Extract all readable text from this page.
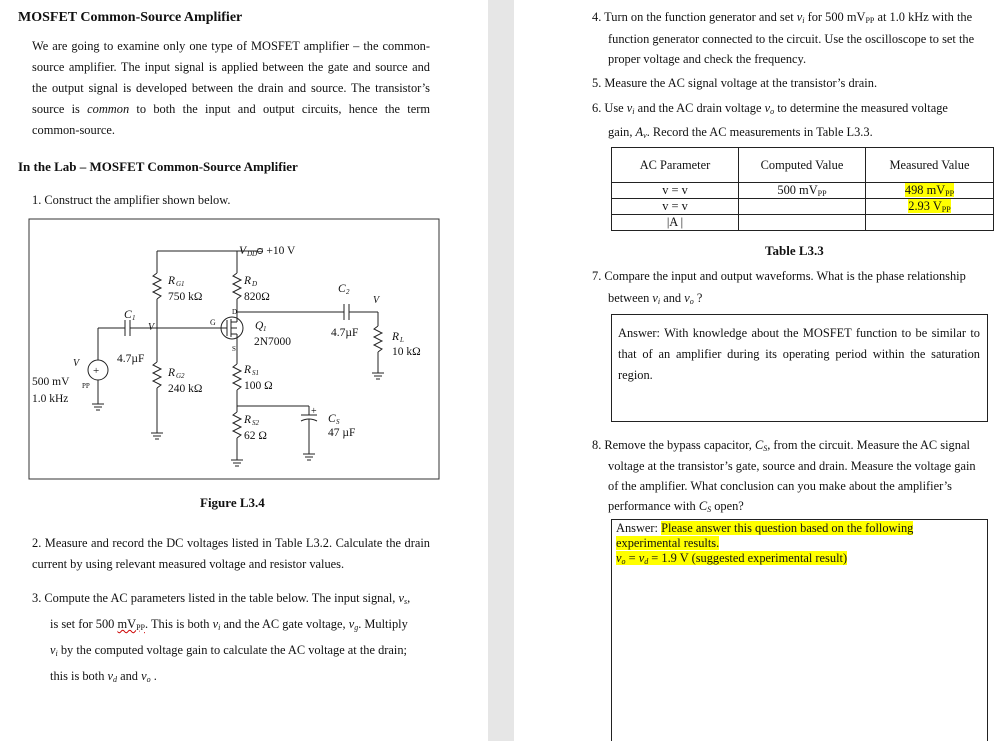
MOSFET Common-Source Amplifier
We are going to examine only one type of MOSFET amplifier – the common-source amplifier. The input signal is applied between the gate and source and the output signal is developed between the drain and source. The transistor’s source is common to both the input and output circuits, hence the term common-source.
In the Lab – MOSFET Common-Source Amplifier
1. Construct the amplifier shown below.
V DD = +10 V
R G1
750 kΩ
R D
820Ω
C 1
V
4.7µF
G
D
S
Q 1
2N7000
C 2
V
4.7µF	R L
10 kΩ
V
+
500 mV PP
1.0 kHz
R G2
240 kΩ
R S1
100 Ω
R S2
62 Ω
+
C S
47 µF
Figure L3.4
2. Measure and record the DC voltages listed in Table L3.2. Calculate the drain current by using relevant measured voltage and resistor values.
3. Compute the AC parameters listed in the table below. The input signal, $v_s$,
is set for 500 $mV_{PP}$. This is both $v_i$ and the AC gate voltage, $v_g$. Multiply
$v_i$ by the computed voltage gain to calculate the AC voltage at the drain;
this is both $v_d$ and $v_o$ .
4. Turn on the function generator and set $v_i$ for 500 $mV_{PP}$ at 1.0 kHz with the
function generator connected to the circuit. Use the oscilloscope to set the
proper voltage and check the frequency.
5. Measure the AC signal voltage at the transistor’s drain.
6. Use $v_i$ and the AC drain voltage $v_o$ to determine the measured voltage
gain, $A_v$. Record the AC measurements in Table L3.3.
AC Parameter	Computed Value	Measured Value
v = v	500 $mV_{PP}$	498 $mV_{PP}$
v = v		2.93 $V_{PP}$
|A |		
Table L3.3
7. Compare the input and output waveforms. What is the phase relationship
between $v_i$ and $v_o$ ?
Answer: With knowledge about the MOSFET function to be similar to that of an amplifier during its operating period within the saturation region.
8. Remove the bypass capacitor, $C_S$, from the circuit. Measure the AC signal
voltage at the transistor’s gate, source and drain. Measure the voltage gain
of the amplifier. What conclusion can you make about the amplifier’s
performance with $C_S$ open?
Answer: Please answer this question based on the following
experimental results.
$v_o = v_d = 1.9$ V (suggested experimental result)
